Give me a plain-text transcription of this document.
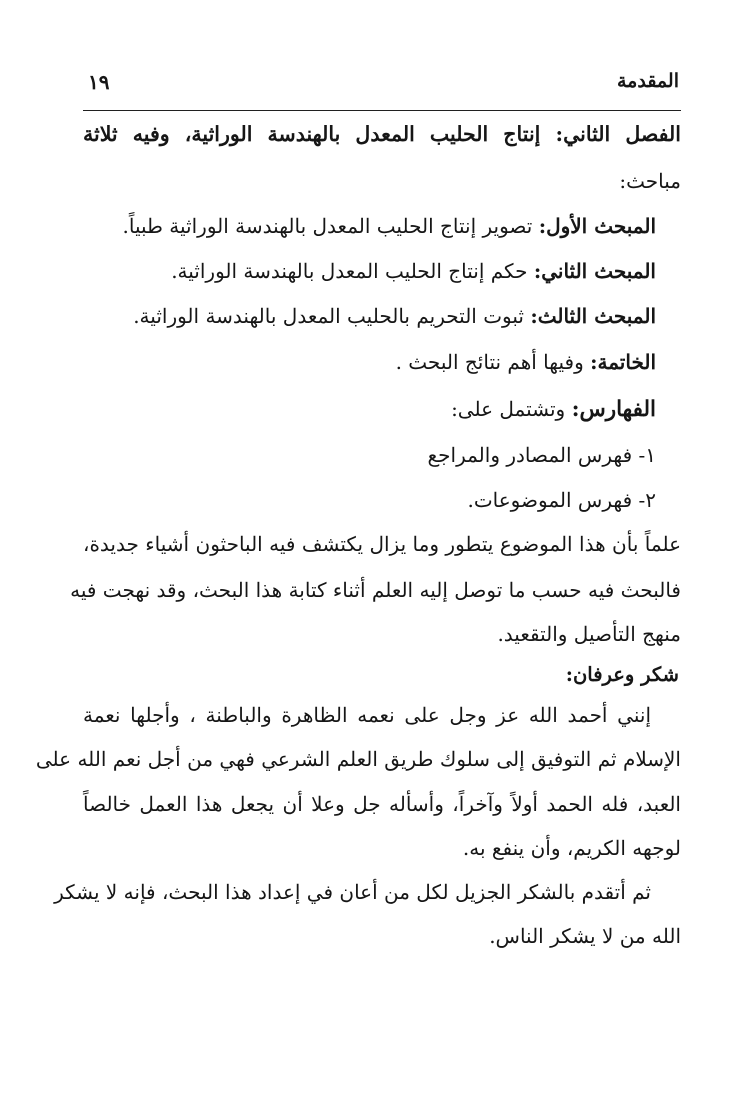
المقدمة
١٩
الفصل الثاني: إنتاج الحليب المعدل بالهندسة الوراثية، وفيه ثلاثة
مباحث:
المبحث الأول: تصوير إنتاج الحليب المعدل بالهندسة الوراثية طبياً.
المبحث الثاني: حكم إنتاج الحليب المعدل بالهندسة الوراثية.
المبحث الثالث: ثبوت التحريم بالحليب المعدل بالهندسة الوراثية.
الخاتمة: وفيها أهم نتائج البحث .
الفهارس: وتشتمل على:
١- فهرس المصادر والمراجع
٢- فهرس الموضوعات.
علماً بأن هذا الموضوع يتطور وما يزال يكتشف فيه الباحثون أشياء جديدة،
فالبحث فيه حسب ما توصل إليه العلم أثناء كتابة هذا البحث، وقد نهجت فيه
منهج التأصيل والتقعيد.
شكر وعرفان:
إنني أحمد الله عز وجل على نعمه الظاهرة والباطنة ، وأجلها نعمة
الإسلام ثم التوفيق إلى سلوك طريق العلم الشرعي فهي من أجل نعم الله على
العبد، فله الحمد أولاً وآخراً، وأسأله جل وعلا أن يجعل هذا العمل خالصاً
لوجهه الكريم، وأن ينفع به.
ثم أتقدم بالشكر الجزيل لكل من أعان في إعداد هذا البحث، فإنه لا يشكر
الله من لا يشكر الناس.
